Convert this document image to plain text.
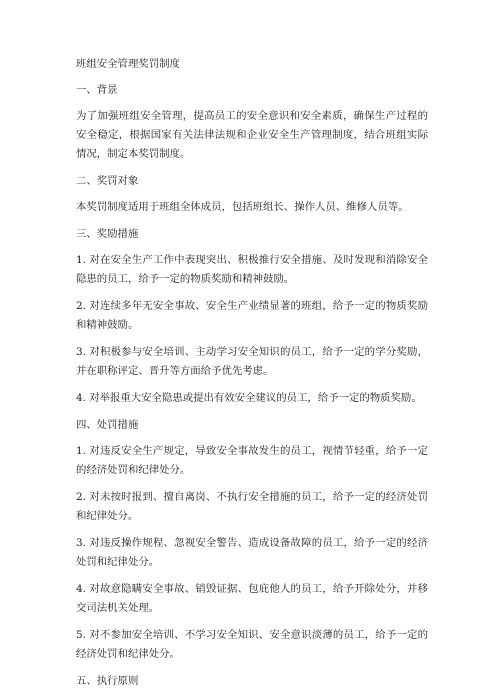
班组安全管理奖罚制度

一、背景

为了加强班组安全管理，提高员工的安全意识和安全素质，确保生产过程的安全稳定，根据国家有关法律法规和企业安全生产管理制度，结合班组实际情况，制定本奖罚制度。

二、奖罚对象

本奖罚制度适用于班组全体成员，包括班组长、操作人员、维修人员等。

三、奖励措施

1. 对在安全生产工作中表现突出、积极推行安全措施、及时发现和消除安全隐患的员工，给予一定的物质奖励和精神鼓励。

2. 对连续多年无安全事故、安全生产业绩显著的班组，给予一定的物质奖励和精神鼓励。

3. 对积极参与安全培训、主动学习安全知识的员工，给予一定的学分奖励，并在职称评定、晋升等方面给予优先考虑。

4. 对举报重大安全隐患或提出有效安全建议的员工，给予一定的物质奖励。

四、处罚措施

1. 对违反安全生产规定，导致安全事故发生的员工，视情节轻重，给予一定的经济处罚和纪律处分。

2. 对未按时报到、擅自离岗、不执行安全措施的员工，给予一定的经济处罚和纪律处分。

3. 对违反操作规程、忽视安全警告、造成设备故障的员工，给予一定的经济处罚和纪律处分。

4. 对故意隐瞒安全事故、销毁证据、包庇他人的员工，给予开除处分，并移交司法机关处理。

5. 对不参加安全培训、不学习安全知识、安全意识淡薄的员工，给予一定的经济处罚和纪律处分。

五、执行原则
